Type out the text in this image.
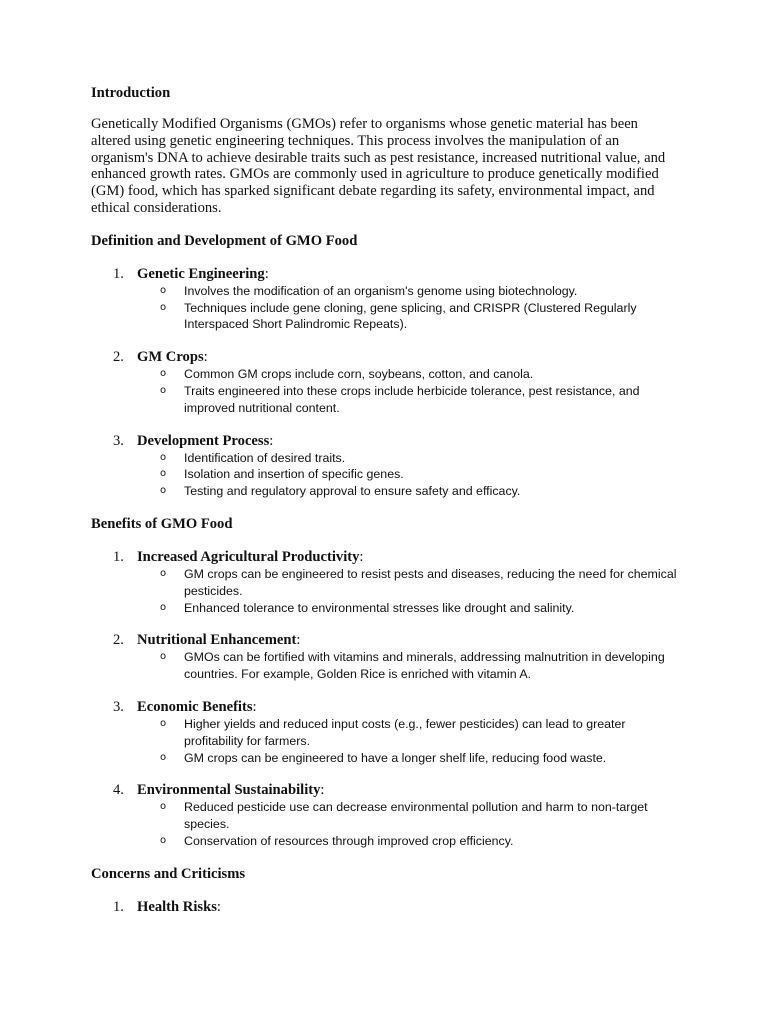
Introduction

Genetically Modified Organisms (GMOs) refer to organisms whose genetic material has been altered using genetic engineering techniques. This process involves the manipulation of an organism's DNA to achieve desirable traits such as pest resistance, increased nutritional value, and enhanced growth rates. GMOs are commonly used in agriculture to produce genetically modified (GM) food, which has sparked significant debate regarding its safety, environmental impact, and ethical considerations.

Definition and Development of GMO Food
1. Genetic Engineering:
o Involves the modification of an organism's genome using biotechnology.
o Techniques include gene cloning, gene splicing, and CRISPR (Clustered Regularly Interspaced Short Palindromic Repeats).
2. GM Crops:
o Common GM crops include corn, soybeans, cotton, and canola.
o Traits engineered into these crops include herbicide tolerance, pest resistance, and improved nutritional content.
3. Development Process:
o Identification of desired traits.
o Isolation and insertion of specific genes.
o Testing and regulatory approval to ensure safety and efficacy.
Benefits of GMO Food
1. Increased Agricultural Productivity:
o GM crops can be engineered to resist pests and diseases, reducing the need for chemical pesticides.
o Enhanced tolerance to environmental stresses like drought and salinity.
2. Nutritional Enhancement:
o GMOs can be fortified with vitamins and minerals, addressing malnutrition in developing countries. For example, Golden Rice is enriched with vitamin A.
3. Economic Benefits:
o Higher yields and reduced input costs (e.g., fewer pesticides) can lead to greater profitability for farmers.
o GM crops can be engineered to have a longer shelf life, reducing food waste.
4. Environmental Sustainability:
o Reduced pesticide use can decrease environmental pollution and harm to non-target species.
o Conservation of resources through improved crop efficiency.
Concerns and Criticisms
1. Health Risks:
